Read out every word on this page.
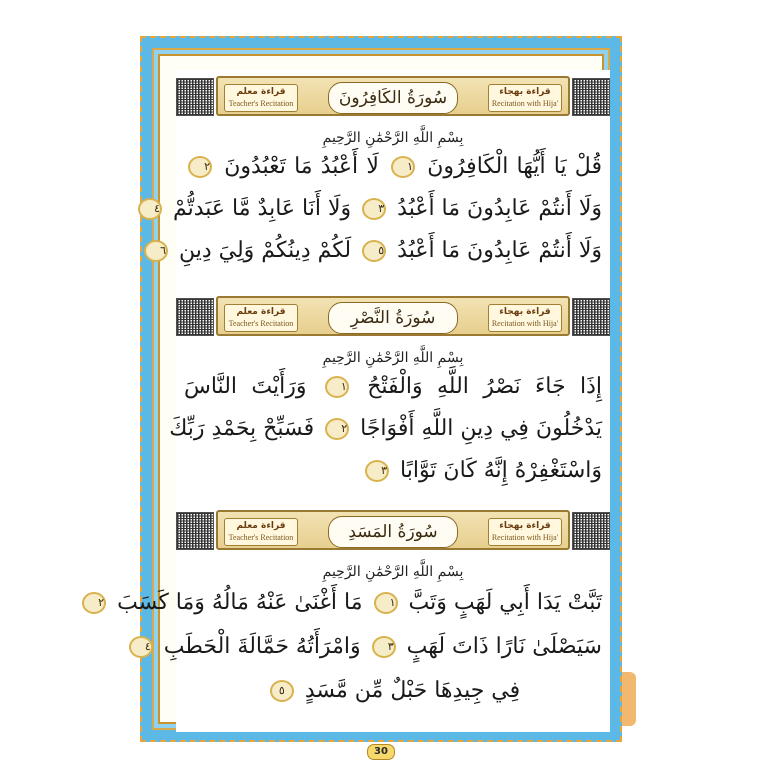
قراءة معلم
Teacher's Recitation	سُورَةُ الكَافِرُونَ	قراءة بهجاء
Recitation with Hija'
بِسْمِ اللَّهِ الرَّحْمَٰنِ الرَّحِيمِ
قُلْ يَا أَيُّهَا الْكَافِرُونَ ١ لَا أَعْبُدُ مَا تَعْبُدُونَ ٢
وَلَا أَنتُمْ عَابِدُونَ مَا أَعْبُدُ ٣ وَلَا أَنَا عَابِدٌ مَّا عَبَدتُّمْ ٤
وَلَا أَنتُمْ عَابِدُونَ مَا أَعْبُدُ ٥ لَكُمْ دِينُكُمْ وَلِيَ دِينِ ٦
قراءة معلم
Teacher's Recitation	سُورَةُ النَّصْرِ	قراءة بهجاء
Recitation with Hija'
بِسْمِ اللَّهِ الرَّحْمَٰنِ الرَّحِيمِ
إِذَا جَاءَ نَصْرُ اللَّهِ وَالْفَتْحُ ١ وَرَأَيْتَ النَّاسَ
يَدْخُلُونَ فِي دِينِ اللَّهِ أَفْوَاجًا ٢ فَسَبِّحْ بِحَمْدِ رَبِّكَ
وَاسْتَغْفِرْهُ إِنَّهُ كَانَ تَوَّابًا ٣
قراءة معلم
Teacher's Recitation	سُورَةُ المَسَدِ	قراءة بهجاء
Recitation with Hija'
بِسْمِ اللَّهِ الرَّحْمَٰنِ الرَّحِيمِ
تَبَّتْ يَدَا أَبِي لَهَبٍ وَتَبَّ ١ مَا أَغْنَىٰ عَنْهُ مَالُهُ وَمَا كَسَبَ ٢
سَيَصْلَىٰ نَارًا ذَاتَ لَهَبٍ ٣ وَامْرَأَتُهُ حَمَّالَةَ الْحَطَبِ ٤
فِي جِيدِهَا حَبْلٌ مِّن مَّسَدٍ ٥
30
